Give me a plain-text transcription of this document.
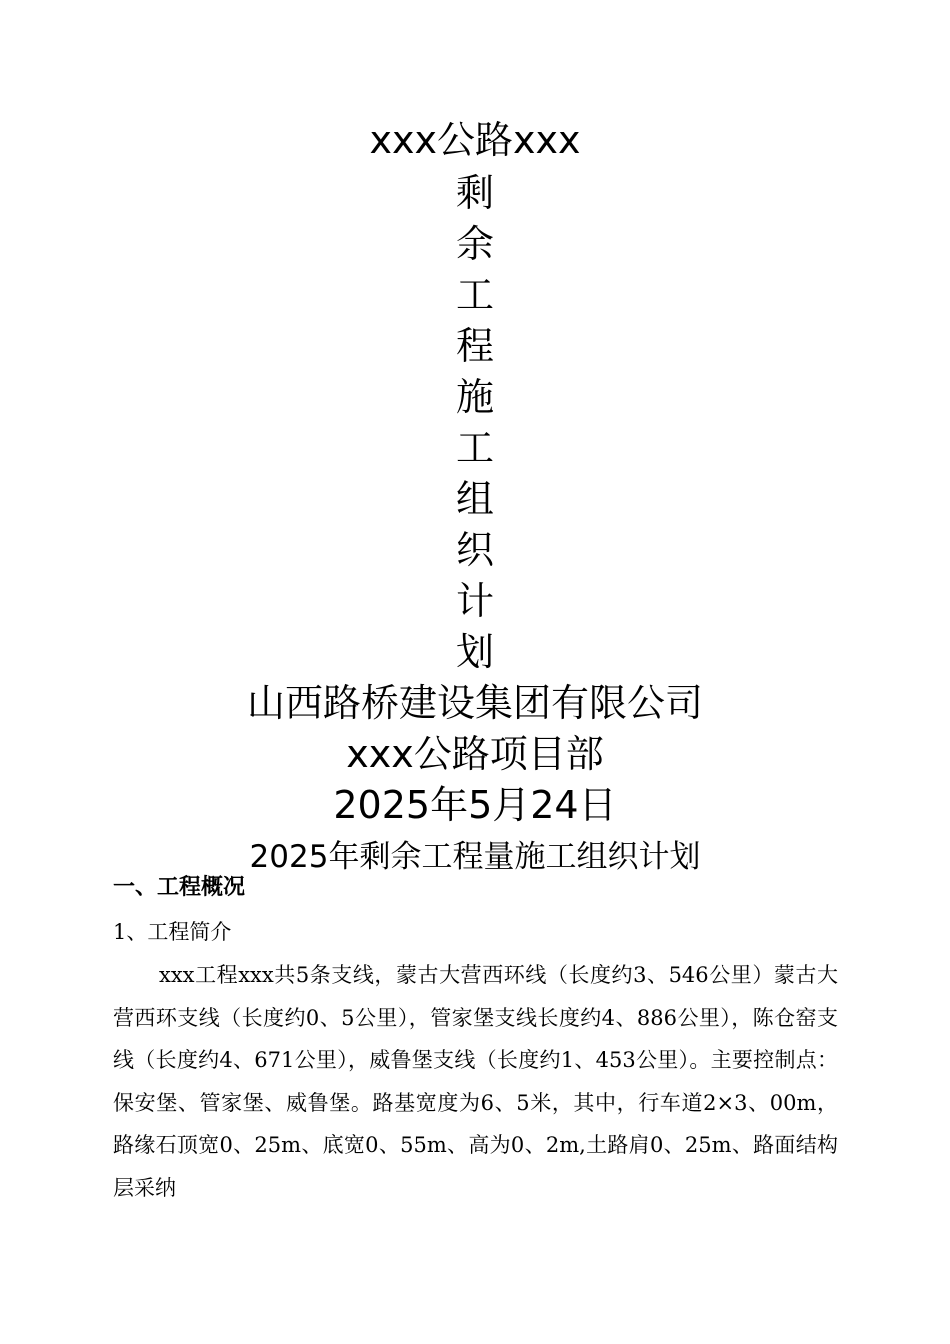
xxx公路xxx
剩
余
工
程
施
工
组
织
计
划
山西路桥建设集团有限公司
xxx公路项目部
2025年5月24日
2025年剩余工程量施工组织计划
一、工程概况
1、工程简介

xxx工程xxx共5条支线，蒙古大营西环线（长度约3、546公里）蒙古大营西环支线（长度约0、5公里），管家堡支线长度约4、886公里），陈仓窑支线（长度约4、671公里），威鲁堡支线（长度约1、453公里）。主要控制点：保安堡、管家堡、威鲁堡。路基宽度为6、5米，其中，行车道2×3、00m，路缘石顶宽0、25m、底宽0、55m、高为0、2m,土路肩0、25m、路面结构层采纳
